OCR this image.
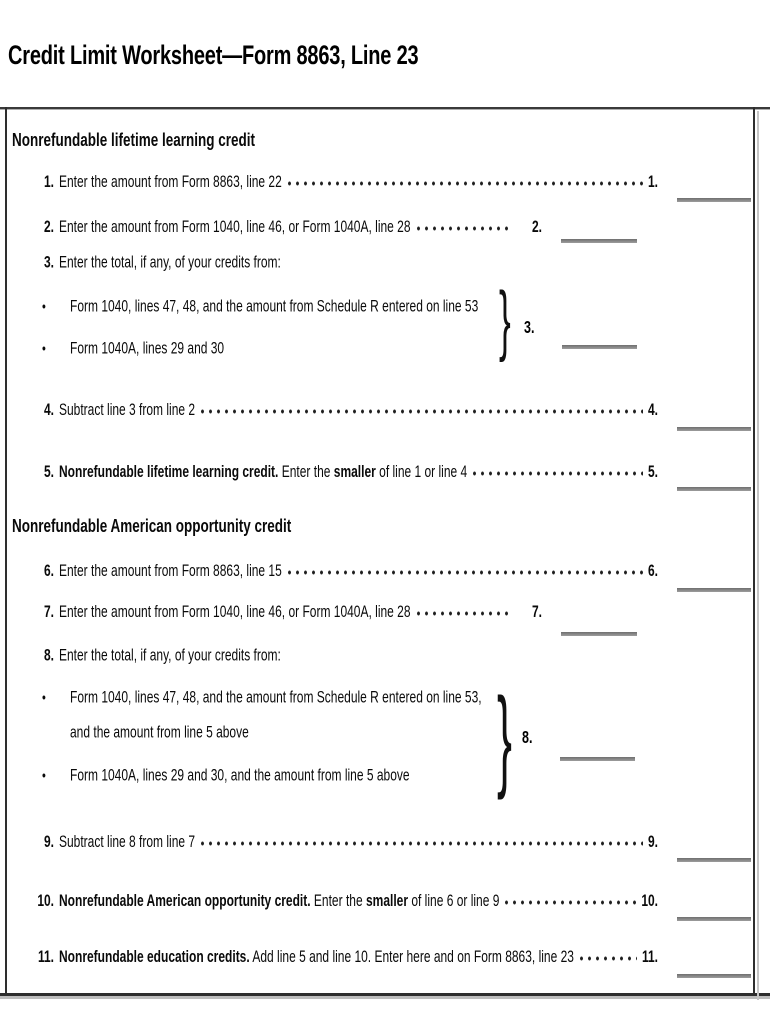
Credit Limit Worksheet—Form 8863, Line 23
Nonrefundable lifetime learning credit
1. Enter the amount from Form 8863, line 22	1.
2. Enter the amount from Form 1040, line 46, or Form 1040A, line 28	2.
3. Enter the total, if any, of your credits from:
•	Form 1040, lines 47, 48, and the amount from Schedule R entered on line 53
•	Form 1040A, lines 29 and 30	} 3.
4. Subtract line 3 from line 2	4.
5. Nonrefundable lifetime learning credit. Enter the smaller of line 1 or line 4	5.
Nonrefundable American opportunity credit
6. Enter the amount from Form 8863, line 15	6.
7. Enter the amount from Form 1040, line 46, or Form 1040A, line 28	7.
8. Enter the total, if any, of your credits from:
•	Form 1040, lines 47, 48, and the amount from Schedule R entered on line 53,
and the amount from line 5 above
•	Form 1040A, lines 29 and 30, and the amount from line 5 above } 8.
9. Subtract line 8 from line 7	9.
10. Nonrefundable American opportunity credit. Enter the smaller of line 6 or line 9	10.
11. Nonrefundable education credits. Add line 5 and line 10. Enter here and on Form 8863, line 23	11.
